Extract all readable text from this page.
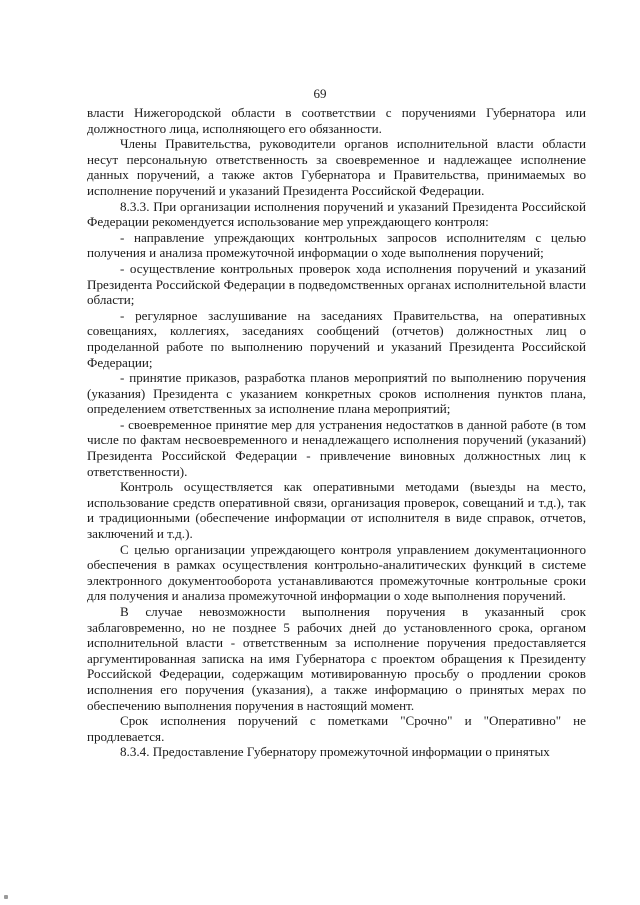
69

власти Нижегородской области в соответствии с поручениями Губернатора или должностного лица, исполняющего его обязанности.

Члены Правительства, руководители органов исполнительной власти области несут персональную ответственность за своевременное и надлежащее исполнение данных поручений, а также актов Губернатора и Правительства, принимаемых во исполнение поручений и указаний Президента Российской Федерации.

8.3.3. При организации исполнения поручений и указаний Президента Российской Федерации рекомендуется использование мер упреждающего контроля:

- направление упреждающих контрольных запросов исполнителям с целью получения и анализа промежуточной информации о ходе выполнения поручений;

- осуществление контрольных проверок хода исполнения поручений и указаний Президента Российской Федерации в подведомственных органах исполнительной власти области;

- регулярное заслушивание на заседаниях Правительства, на оперативных совещаниях, коллегиях, заседаниях сообщений (отчетов) должностных лиц о проделанной работе по выполнению поручений и указаний Президента Российской Федерации;

- принятие приказов, разработка планов мероприятий по выполнению поручения (указания) Президента с указанием конкретных сроков исполнения пунктов плана, определением ответственных за исполнение плана мероприятий;

- своевременное принятие мер для устранения недостатков в данной работе (в том числе по фактам несвоевременного и ненадлежащего исполнения поручений (указаний) Президента Российской Федерации - привлечение виновных должностных лиц к ответственности).

Контроль осуществляется как оперативными методами (выезды на место, использование средств оперативной связи, организация проверок, совещаний и т.д.), так и традиционными (обеспечение информации от исполнителя в виде справок, отчетов, заключений и т.д.).

С целью организации упреждающего контроля управлением документационного обеспечения в рамках осуществления контрольно-аналитических функций в системе электронного документооборота устанавливаются промежуточные контрольные сроки для получения и анализа промежуточной информации о ходе выполнения поручений.

В случае невозможности выполнения поручения в указанный срок заблаговременно, но не позднее 5 рабочих дней до установленного срока, органом исполнительной власти - ответственным за исполнение поручения предоставляется аргументированная записка на имя Губернатора с проектом обращения к Президенту Российской Федерации, содержащим мотивированную просьбу о продлении сроков исполнения его поручения (указания), а также информацию о принятых мерах по обеспечению выполнения поручения в настоящий момент.

Срок исполнения поручений с пометками "Срочно" и "Оперативно" не продлевается.

8.3.4. Предоставление Губернатору промежуточной информации о принятых
